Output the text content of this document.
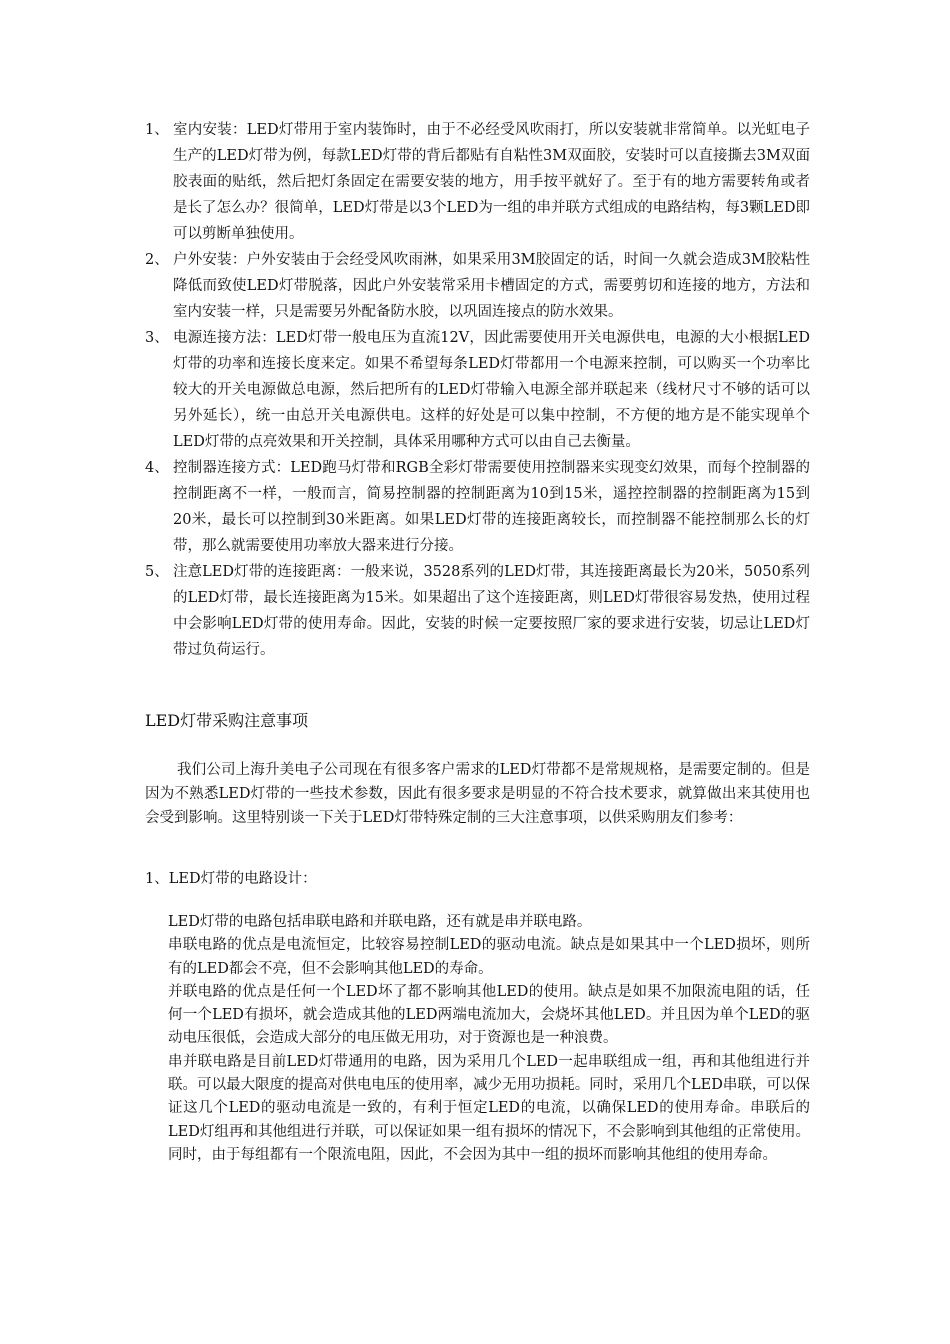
1、 室内安装：LED灯带用于室内装饰时，由于不必经受风吹雨打，所以安装就非常简单。以光虹电子生产的LED灯带为例，每款LED灯带的背后都贴有自粘性3M双面胶，安装时可以直接撕去3M双面胶表面的贴纸，然后把灯条固定在需要安装的地方，用手按平就好了。至于有的地方需要转角或者是长了怎么办？很简单，LED灯带是以3个LED为一组的串并联方式组成的电路结构，每3颗LED即可以剪断单独使用。
2、 户外安装：户外安装由于会经受风吹雨淋，如果采用3M胶固定的话，时间一久就会造成3M胶粘性降低而致使LED灯带脱落，因此户外安装常采用卡槽固定的方式，需要剪切和连接的地方，方法和室内安装一样，只是需要另外配备防水胶，以巩固连接点的防水效果。
3、 电源连接方法：LED灯带一般电压为直流12V，因此需要使用开关电源供电，电源的大小根据LED灯带的功率和连接长度来定。如果不希望每条LED灯带都用一个电源来控制，可以购买一个功率比较大的开关电源做总电源，然后把所有的LED灯带输入电源全部并联起来（线材尺寸不够的话可以另外延长），统一由总开关电源供电。这样的好处是可以集中控制，不方便的地方是不能实现单个LED灯带的点亮效果和开关控制，具体采用哪种方式可以由自己去衡量。
4、 控制器连接方式：LED跑马灯带和RGB全彩灯带需要使用控制器来实现变幻效果，而每个控制器的控制距离不一样，一般而言，简易控制器的控制距离为10到15米，遥控控制器的控制距离为15到20米，最长可以控制到30米距离。如果LED灯带的连接距离较长，而控制器不能控制那么长的灯带，那么就需要使用功率放大器来进行分接。
5、 注意LED灯带的连接距离：一般来说，3528系列的LED灯带，其连接距离最长为20米，5050系列的LED灯带，最长连接距离为15米。如果超出了这个连接距离，则LED灯带很容易发热，使用过程中会影响LED灯带的使用寿命。因此，安装的时候一定要按照厂家的要求进行安装，切忌让LED灯带过负荷运行。
LED灯带采购注意事项
我们公司上海升美电子公司现在有很多客户需求的LED灯带都不是常规规格，是需要定制的。但是因为不熟悉LED灯带的一些技术参数，因此有很多要求是明显的不符合技术要求，就算做出来其使用也会受到影响。这里特别谈一下关于LED灯带特殊定制的三大注意事项，以供采购朋友们参考：
1、LED灯带的电路设计：

LED灯带的电路包括串联电路和并联电路，还有就是串并联电路。

串联电路的优点是电流恒定，比较容易控制LED的驱动电流。缺点是如果其中一个LED损坏，则所有的LED都会不亮，但不会影响其他LED的寿命。

并联电路的优点是任何一个LED坏了都不影响其他LED的使用。缺点是如果不加限流电阻的话，任何一个LED有损坏，就会造成其他的LED两端电流加大，会烧坏其他LED。并且因为单个LED的驱动电压很低，会造成大部分的电压做无用功，对于资源也是一种浪费。

串并联电路是目前LED灯带通用的电路，因为采用几个LED一起串联组成一组，再和其他组进行并联。可以最大限度的提高对供电电压的使用率，减少无用功损耗。同时，采用几个LED串联，可以保证这几个LED的驱动电流是一致的，有利于恒定LED的电流，以确保LED的使用寿命。串联后的LED灯组再和其他组进行并联，可以保证如果一组有损坏的情况下，不会影响到其他组的正常使用。同时，由于每组都有一个限流电阻，因此，不会因为其中一组的损坏而影响其他组的使用寿命。
